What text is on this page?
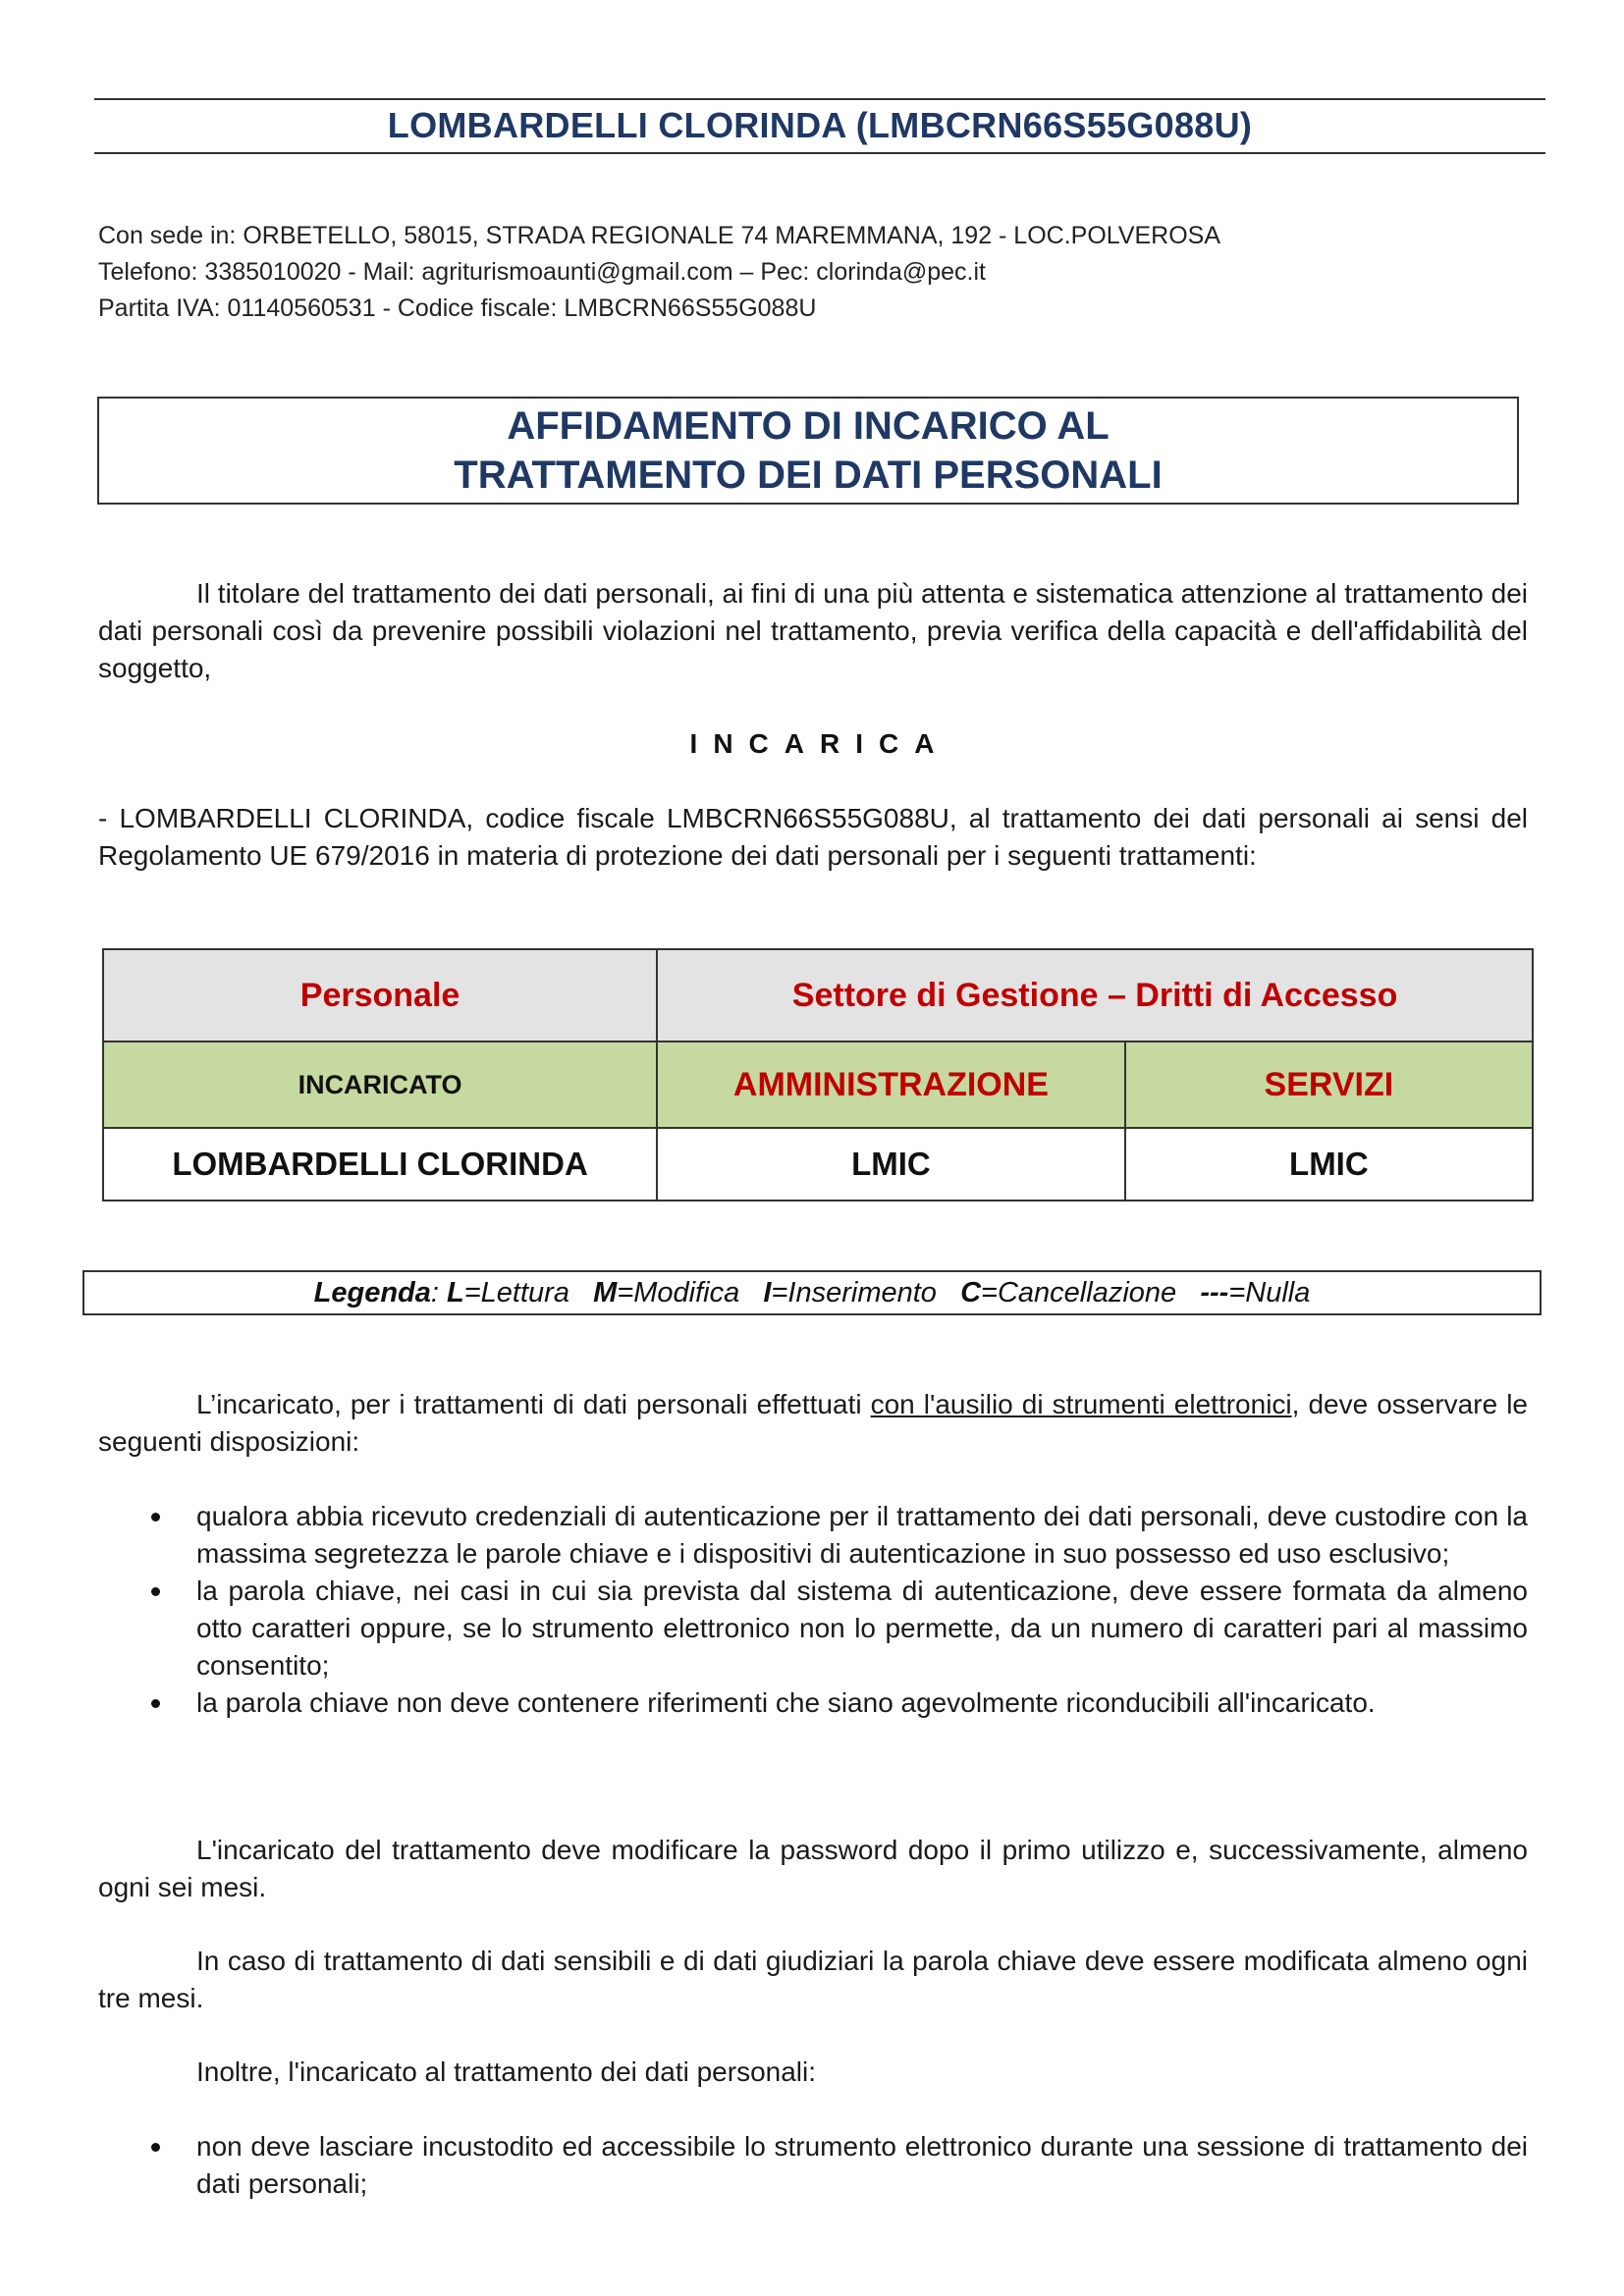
LOMBARDELLI CLORINDA (LMBCRN66S55G088U)
Con sede in: ORBETELLO, 58015, STRADA REGIONALE 74 MAREMMANA, 192 - LOC.POLVEROSA
Telefono: 3385010020 - Mail: agriturismoaunti@gmail.com – Pec: clorinda@pec.it
Partita IVA: 01140560531 - Codice fiscale: LMBCRN66S55G088U
AFFIDAMENTO DI INCARICO AL
TRATTAMENTO DEI DATI PERSONALI
Il titolare del trattamento dei dati personali, ai fini di una più attenta e sistematica attenzione al trattamento dei dati personali così da prevenire possibili violazioni nel trattamento, previa verifica della capacità e dell'affidabilità del soggetto,
INCARICA
- LOMBARDELLI CLORINDA, codice fiscale LMBCRN66S55G088U, al trattamento dei dati personali ai sensi del Regolamento UE 679/2016 in materia di protezione dei dati personali per i seguenti trattamenti:
Personale	Settore di Gestione – Dritti di Accesso	
INCARICATO	AMMINISTRAZIONE	SERVIZI
LOMBARDELLI CLORINDA	LMIC	LMIC
Legenda: L=Lettura M=Modifica I=Inserimento C=Cancellazione ---=Nulla
L’incaricato, per i trattamenti di dati personali effettuati con l'ausilio di strumenti elettronici, deve osservare le seguenti disposizioni:
qualora abbia ricevuto credenziali di autenticazione per il trattamento dei dati personali, deve custodire con la massima segretezza le parole chiave e i dispositivi di autenticazione in suo possesso ed uso esclusivo;
la parola chiave, nei casi in cui sia prevista dal sistema di autenticazione, deve essere formata da almeno otto caratteri oppure, se lo strumento elettronico non lo permette, da un numero di caratteri pari al massimo consentito;
la parola chiave non deve contenere riferimenti che siano agevolmente riconducibili all'incaricato.
L'incaricato del trattamento deve modificare la password dopo il primo utilizzo e, successivamente, almeno ogni sei mesi.
In caso di trattamento di dati sensibili e di dati giudiziari la parola chiave deve essere modificata almeno ogni tre mesi.
Inoltre, l'incaricato al trattamento dei dati personali:
non deve lasciare incustodito ed accessibile lo strumento elettronico durante una sessione di trattamento dei dati personali;
